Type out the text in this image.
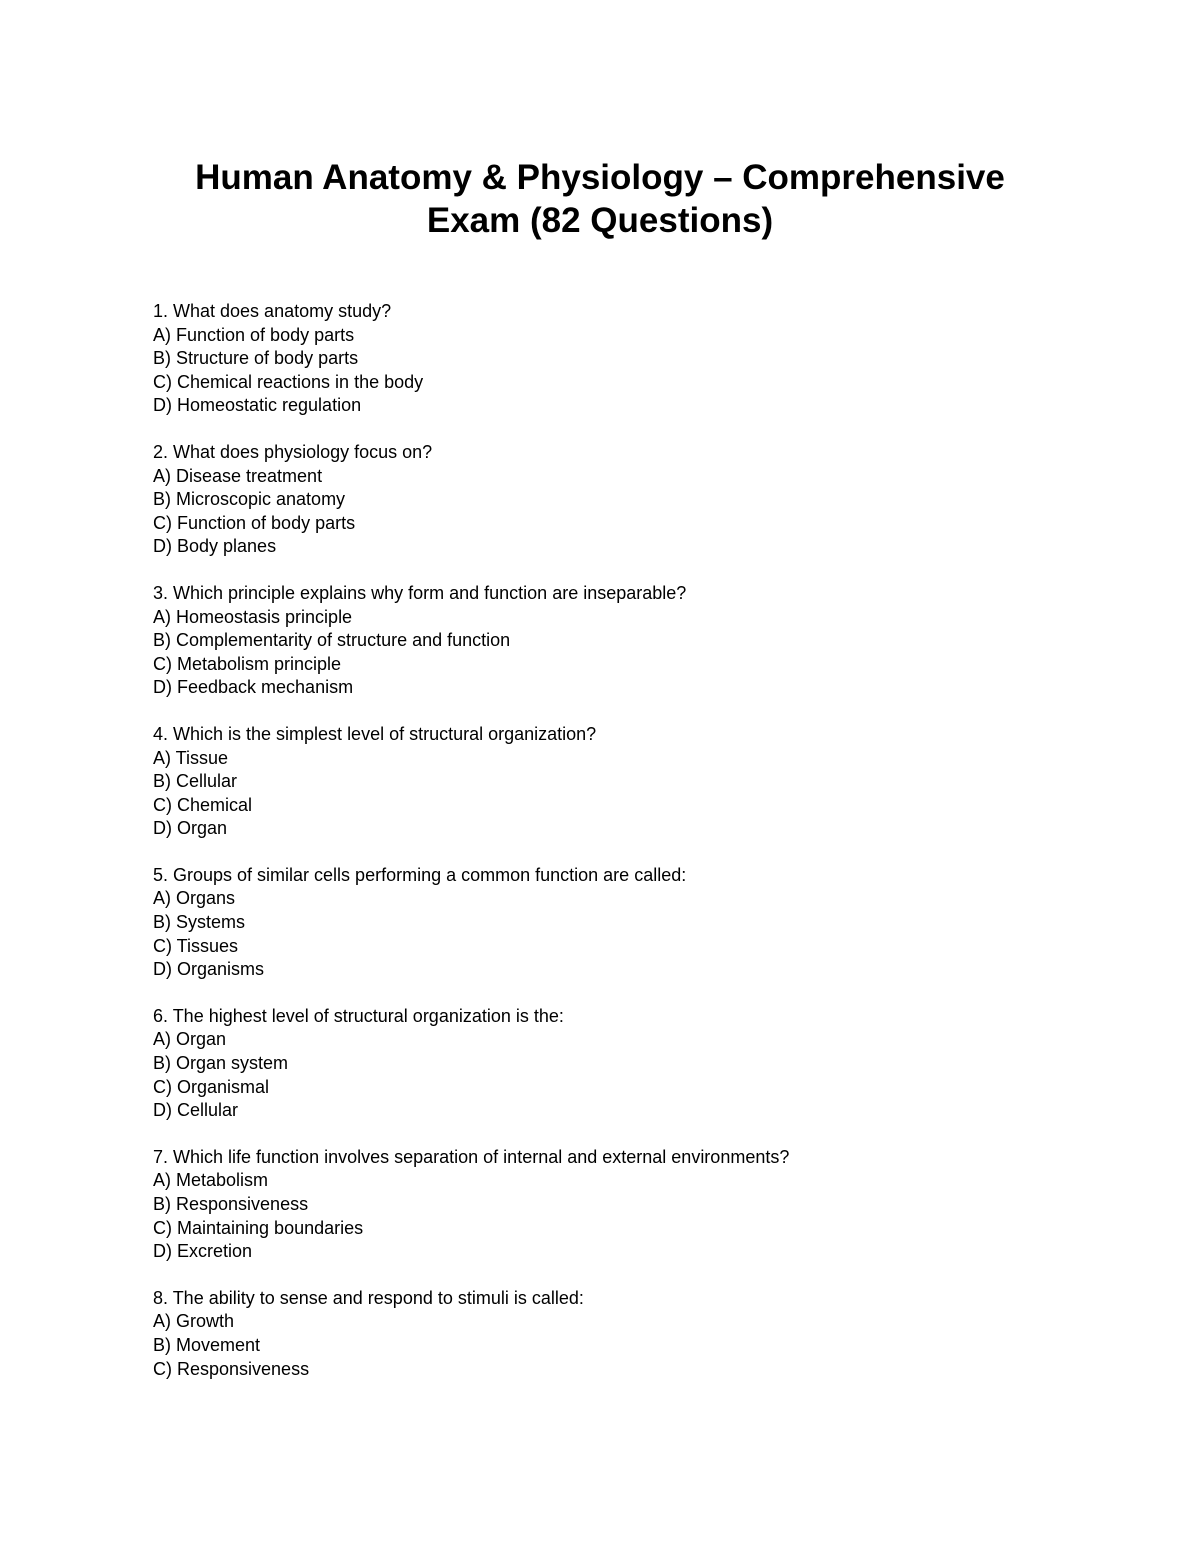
Human Anatomy & Physiology – Comprehensive
Exam (82 Questions)
1. What does anatomy study?
A) Function of body parts
B) Structure of body parts
C) Chemical reactions in the body
D) Homeostatic regulation
2. What does physiology focus on?
A) Disease treatment
B) Microscopic anatomy
C) Function of body parts
D) Body planes
3. Which principle explains why form and function are inseparable?
A) Homeostasis principle
B) Complementarity of structure and function
C) Metabolism principle
D) Feedback mechanism
4. Which is the simplest level of structural organization?
A) Tissue
B) Cellular
C) Chemical
D) Organ
5. Groups of similar cells performing a common function are called:
A) Organs
B) Systems
C) Tissues
D) Organisms
6. The highest level of structural organization is the:
A) Organ
B) Organ system
C) Organismal
D) Cellular
7. Which life function involves separation of internal and external environments?
A) Metabolism
B) Responsiveness
C) Maintaining boundaries
D) Excretion
8. The ability to sense and respond to stimuli is called:
A) Growth
B) Movement
C) Responsiveness
